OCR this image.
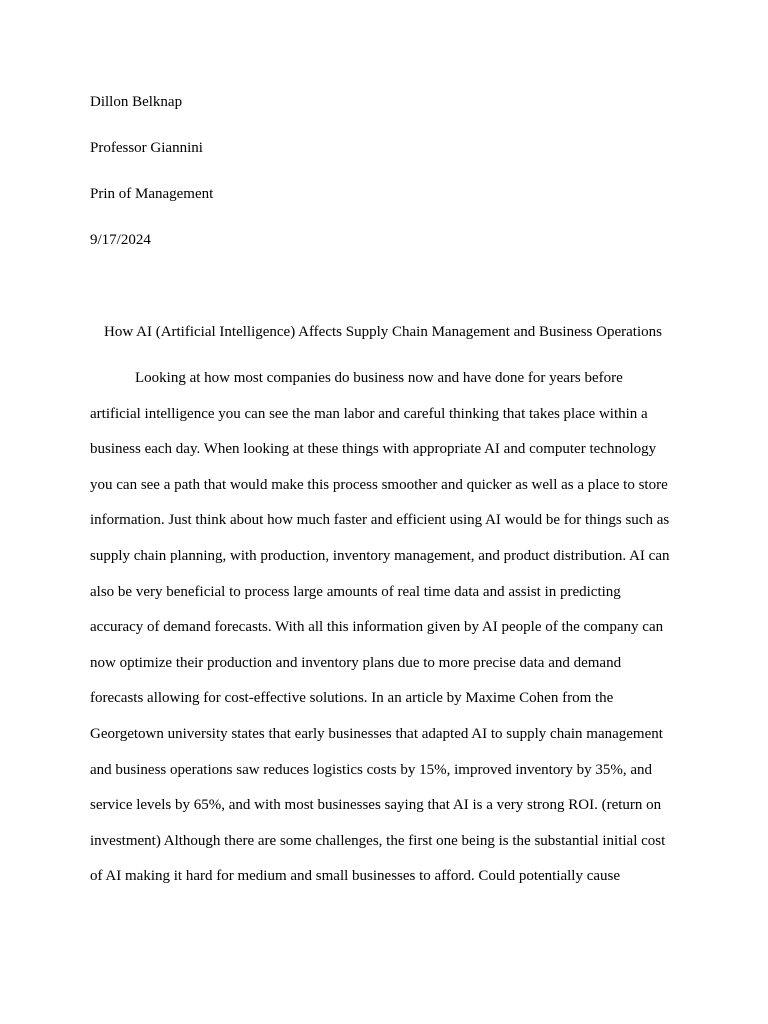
Dillon Belknap
Professor Giannini
Prin of Management
9/17/2024
How AI (Artificial Intelligence) Affects Supply Chain Management and Business Operations
Looking at how most companies do business now and have done for years before
artificial intelligence you can see the man labor and careful thinking that takes place within a
business each day. When looking at these things with appropriate AI and computer technology
you can see a path that would make this process smoother and quicker as well as a place to store
information. Just think about how much faster and efficient using AI would be for things such as
supply chain planning, with production, inventory management, and product distribution. AI can
also be very beneficial to process large amounts of real time data and assist in predicting
accuracy of demand forecasts. With all this information given by AI people of the company can
now optimize their production and inventory plans due to more precise data and demand
forecasts allowing for cost-effective solutions. In an article by Maxime Cohen from the
Georgetown university states that early businesses that adapted AI to supply chain management
and business operations saw reduces logistics costs by 15%, improved inventory by 35%, and
service levels by 65%, and with most businesses saying that AI is a very strong ROI. (return on
investment) Although there are some challenges, the first one being is the substantial initial cost
of AI making it hard for medium and small businesses to afford. Could potentially cause
